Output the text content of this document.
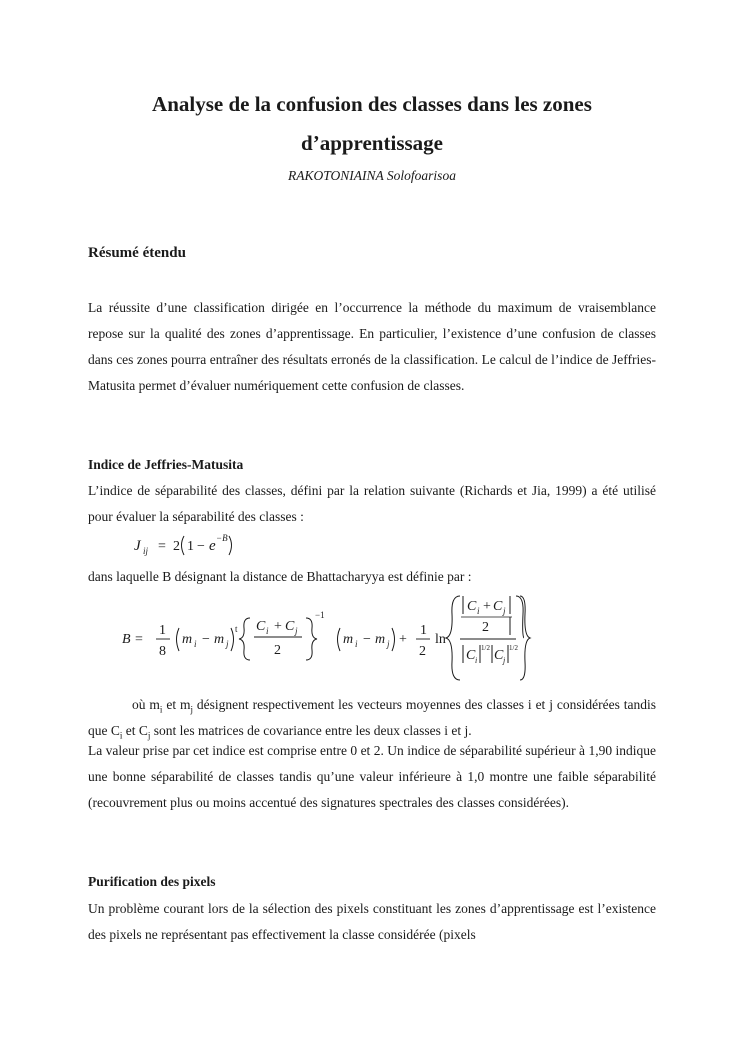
Analyse de la confusion des classes dans les zones
d’apprentissage
RAKOTONIAINA Solofoarisoa
Résumé étendu

La réussite d’une classification dirigée en l’occurrence la méthode du maximum de vraisemblance repose sur la qualité des zones d’apprentissage. En particulier, l’existence d’une confusion de classes dans ces zones pourra entraîner des résultats erronés de la classification. Le calcul de l’indice de Jeffries-Matusita permet d’évaluer numériquement cette confusion de classes.

Indice de Jeffries-Matusita

L’indice de séparabilité des classes, défini par la relation suivante (Richards et Jia, 1999) a été utilisé pour évaluer la séparabilité des classes :

J ij = 2 1 − e −B

dans laquelle B désignant la distance de Bhattacharyya est définie par :

B =
1
8
m i − m j
t C i + C j
2
−1
m i − m j +
1
2
ln
C i + C j
2
C i
1/2 C j
1/2

où $m_i$ et $m_j$ désignent respectivement les vecteurs moyennes des classes i et j considérées tandis que $C_i$ et $C_j$ sont les matrices de covariance entre les deux classes i et j.

La valeur prise par cet indice est comprise entre 0 et 2. Un indice de séparabilité supérieur à 1,90 indique une bonne séparabilité de classes tandis qu’une valeur inférieure à 1,0 montre une faible séparabilité (recouvrement plus ou moins accentué des signatures spectrales des classes considérées).

Purification des pixels

Un problème courant lors de la sélection des pixels constituant les zones d’apprentissage est l’existence des pixels ne représentant pas effectivement la classe considérée (pixels
